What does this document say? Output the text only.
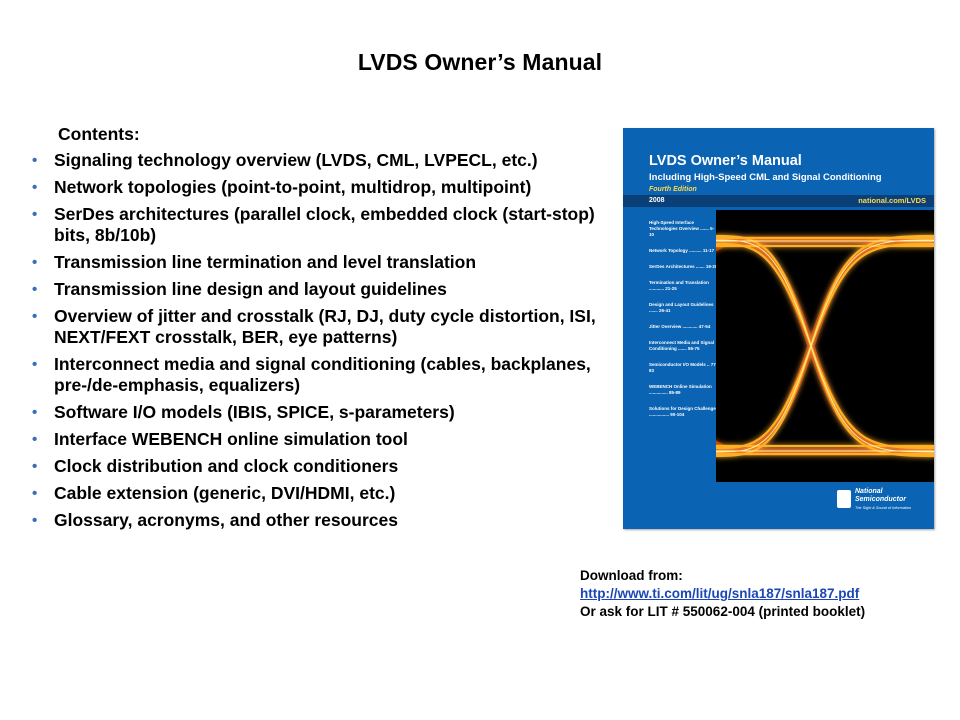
LVDS Owner’s Manual
Contents:
• Signaling technology overview (LVDS, CML, LVPECL, etc.)
• Network topologies (point-to-point, multidrop, multipoint)
• SerDes architectures (parallel clock, embedded clock (start-stop) bits, 8b/10b)
• Transmission line termination and level translation
• Transmission line design and layout guidelines
• Overview of jitter and crosstalk (RJ, DJ, duty cycle distortion, ISI, NEXT/FEXT crosstalk, BER, eye patterns)
• Interconnect media and signal conditioning (cables, backplanes, pre-/de-emphasis, equalizers)
• Software I/O models (IBIS, SPICE, s-parameters)
• Interface WEBENCH online simulation tool
• Clock distribution and clock conditioners
• Cable extension (generic, DVI/HDMI, etc.)
• Glossary, acronyms, and other resources
LVDS Owner’s Manual
Including High-Speed CML and Signal Conditioning
Fourth Edition
2008	national.com/LVDS
High-Speed Interface Technologies Overview ....... 5-10
Network Topology .......... 11-17
SerDes Architectures ....... 19-20
Termination and Translation ............ 21-25
Design and Layout Guidelines ....... 26-41
Jitter Overview ............ 47-54
Interconnect Media and Signal Conditioning ....... 55-75
Semiconductor I/O Models .. 77-83
WEBENCH Online Simulation ............... 85-89
Solutions for Design Challenges ................ 90-104
National Semiconductor
The Sight & Sound of Information
Download from:
http://www.ti.com/lit/ug/snla187/snla187.pdf
Or ask for LIT # 550062-004 (printed booklet)
